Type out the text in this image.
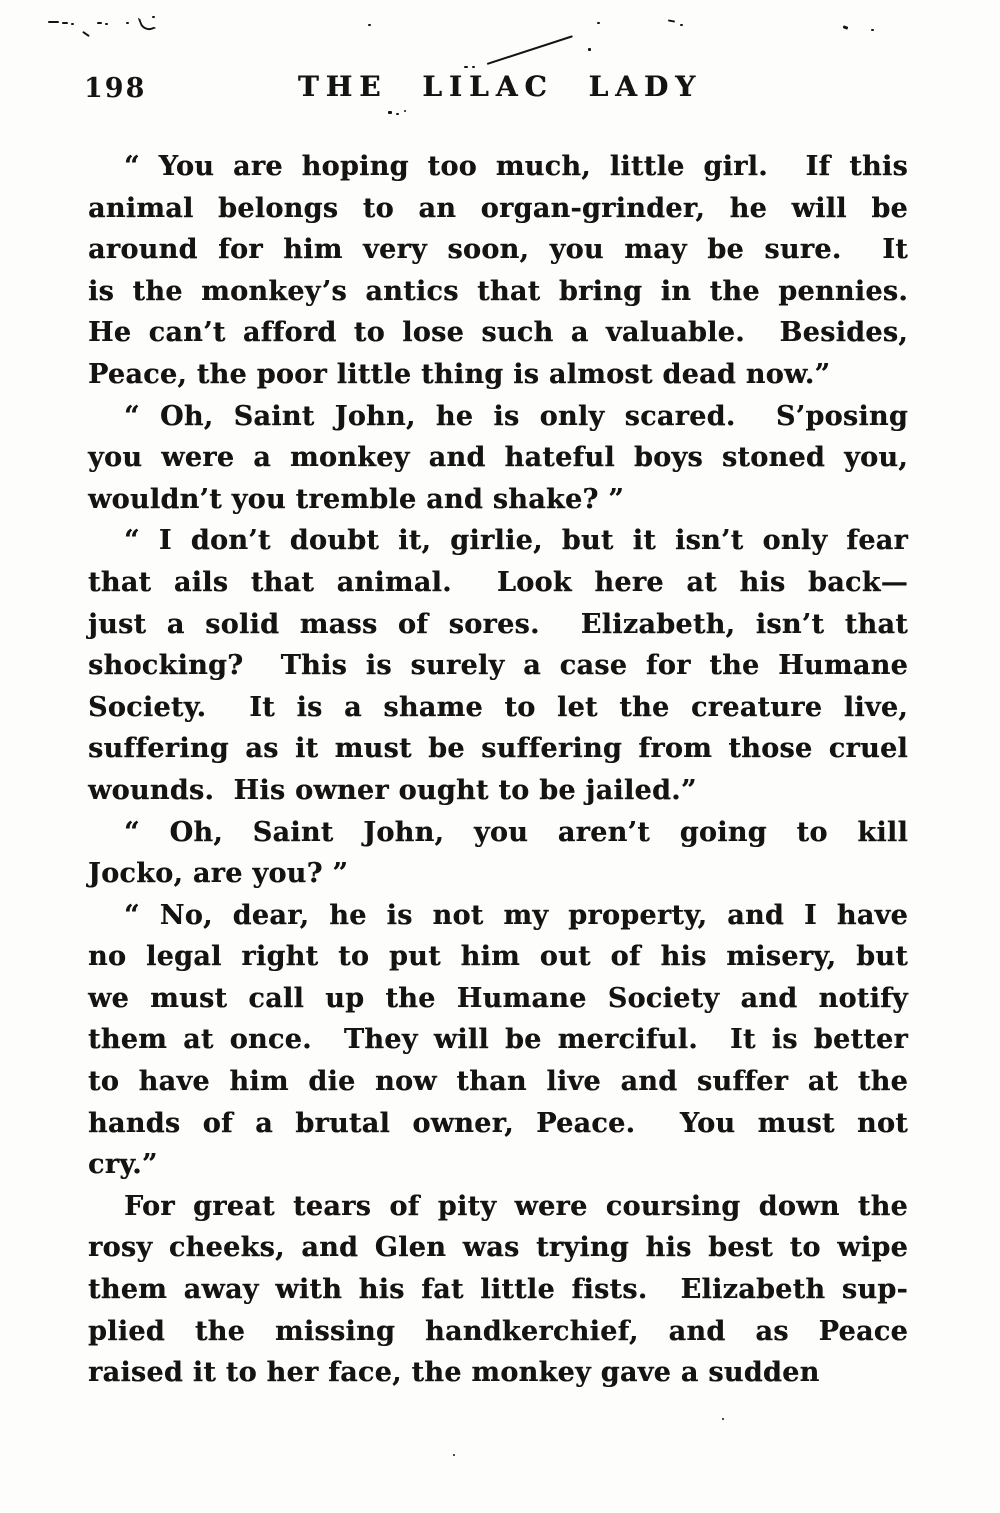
198	THE LILAC LADY
“ You are hoping too much, little girl.  If this
animal belongs to an organ-grinder, he will be
around for him very soon, you may be sure.  It
is the monkey’s antics that bring in the pennies.
He can’t afford to lose such a valuable.  Besides,
Peace, the poor little thing is almost dead now.”
“ Oh, Saint John, he is only scared.  S’posing
you were a monkey and hateful boys stoned you,
wouldn’t you tremble and shake? ”
“ I don’t doubt it, girlie, but it isn’t only fear
that ails that animal.  Look here at his back—
just a solid mass of sores.  Elizabeth, isn’t that
shocking?  This is surely a case for the Humane
Society.  It is a shame to let the creature live,
suffering as it must be suffering from those cruel
wounds.  His owner ought to be jailed.”
“ Oh, Saint John, you aren’t going to kill
Jocko, are you? ”
“ No, dear, he is not my property, and I have
no legal right to put him out of his misery, but
we must call up the Humane Society and notify
them at once.  They will be merciful.  It is better
to have him die now than live and suffer at the
hands of a brutal owner, Peace.  You must not
cry.”
For great tears of pity were coursing down the
rosy cheeks, and Glen was trying his best to wipe
them away with his fat little fists.  Elizabeth sup-
plied the missing handkerchief, and as Peace
raised it to her face, the monkey gave a sudden
